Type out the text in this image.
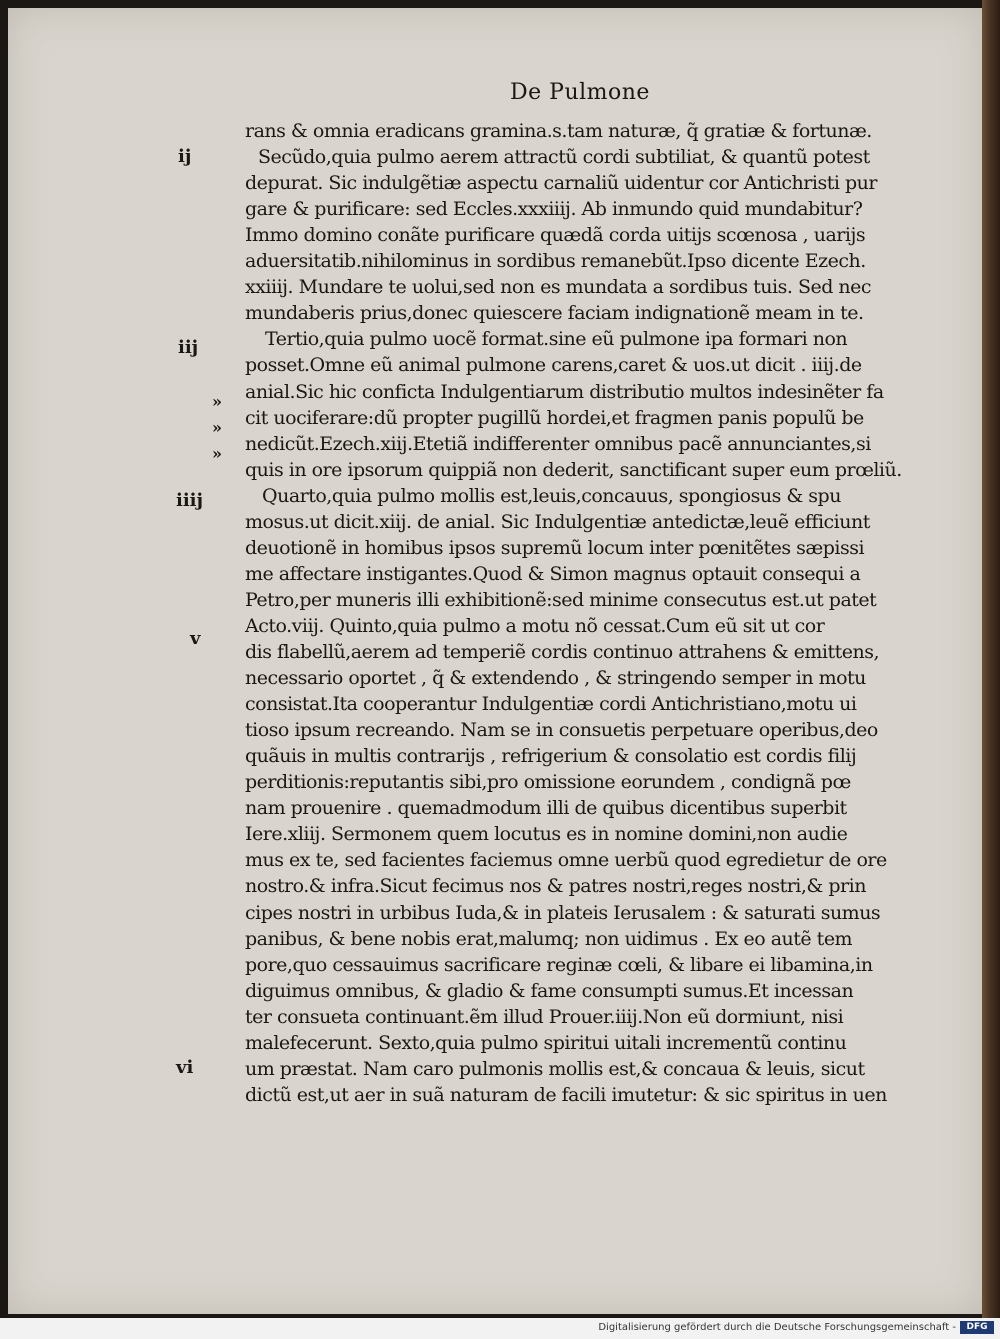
De Pulmone
rans & omnia eradicans gramina.s.tam naturæ, q̃ gratiæ & fortunæ.
Secũdo,quia pulmo aerem attractũ cordi subtiliat, & quantũ potest
depurat. Sic indulgẽtiæ aspectu carnaliũ uidentur cor Antichristi pur
gare & purificare: sed Eccles.xxxiiij. Ab inmundo quid mundabitur?
Immo domino conãte purificare quædã corda uitijs scœnosa , uarijs
aduersitatib.nihilominus in sordibus remanebũt.Ipso dicente Ezech.
xxiiij. Mundare te uolui,sed non es mundata a sordibus tuis. Sed nec
mundaberis prius,donec quiescere faciam indignationẽ meam in te.
Tertio,quia pulmo uocẽ format.sine eũ pulmone ipa formari non
posset.Omne eũ animal pulmone carens,caret & uos.ut dicit . iiij.de
anial.Sic hic confi̇cta Indulgentiarum distributio multos indesinẽter fa
cit uociferare:dũ propter pugillũ hordei,et fragmen panis populũ be
nedicũt.Ezech.xiij.Etetiã indifferenter omnibus pacẽ annunciantes,si
quis in ore ipsorum quippiã non dederit, sanctificant super eum prœliũ.
Quarto,quia pulmo mollis est,leuis,concauus, spongiosus & spu
mosus.ut dicit.xiij. de anial. Sic Indulgentiæ antedictæ,leuẽ efficiunt
deuotionẽ in homibus ipsos supremũ locum inter pœnitẽtes sæpissi
me affectare instigantes.Quod & Simon magnus optauit consequi a
Petro,per muneris illi exhibitionẽ:sed minime consecutus est.ut patet
Acto.viij. Quinto,quia pulmo a motu nõ cessat.Cum eũ sit ut cor
dis flabellũ,aerem ad temperiẽ cordis continuo attrahens & emittens,
necessario oportet , q̃ & extendendo , & stringendo semper in motu
consistat.Ita cooperantur Indulgentiæ cordi Antichristiano,motu ui
tioso ipsum recreando. Nam se in consuetis perpetuare operibus,deo
quãuis in multis contrarijs , refrigerium & consolatio est cordis filij
perditionis:reputantis sibi,pro omissione eorundem , condignã pœ
nam prouenire . quemadmodum illi de quibus dicentibus superbit
Iere.xliij. Sermonem quem locutus es in nomine domini,non audie
mus ex te, sed facientes faciemus omne uerbũ quod egredietur de ore
nostro.& infra.Sicut fecimus nos & patres nostri,reges nostri,& prin
cipes nostri in urbibus Iuda,& in plateis Ierusalem : & saturati sumus
panibus, & bene nobis erat,malumq; non uidimus . Ex eo autẽ tem
pore,quo cessauimus sacrificare reginæ cœli, & libare ei libamina,in
diguimus omnibus, & gladio & fame consumpti sumus.Et incessan
ter consueta continuant.ẽm illud Prouer.iiij.Non eũ dormiunt, nisi
malefecerunt. Sexto,quia pulmo spiritui uitali incrementũ continu
um præstat. Nam caro pulmonis mollis est,& concaua & leuis, sicut
dictũ est,ut aer in suã naturam de facili imutetur: & sic spiritus in uen
ij
iij
iiij
v
vi
»
»
»
Digitalisierung gefördert durch die Deutsche Forschungsgemeinschaft -	DFG
